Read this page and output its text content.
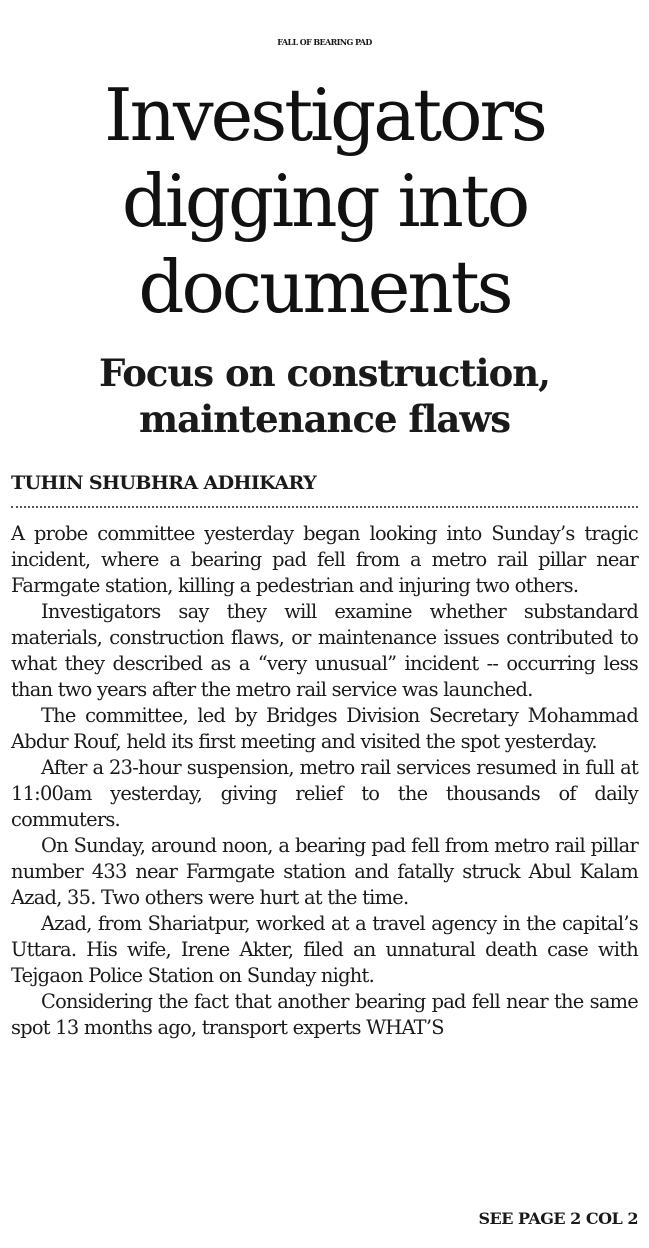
FALL OF BEARING PAD
Investigators
digging into
documents
Focus on construction,
maintenance flaws
TUHIN SHUBHRA ADHIKARY

A probe committee yesterday began looking into Sunday’s tragic incident, where a bearing pad fell from a metro rail pillar near Farmgate station, killing a pedestrian and injuring two others.

Investigators say they will examine whether substandard materials, construction flaws, or maintenance issues contributed to what they described as a “very unusual” incident -- occurring less than two years after the metro rail service was launched.

The committee, led by Bridges Division Secretary Mohammad Abdur Rouf, held its first meeting and visited the spot yesterday.

After a 23-hour suspension, metro rail services resumed in full at 11:00am yesterday, giving relief to the thousands of daily commuters.

On Sunday, around noon, a bearing pad fell from metro rail pillar number 433 near Farmgate station and fatally struck Abul Kalam Azad, 35. Two others were hurt at the time.

Azad, from Shariatpur, worked at a travel agency in the capital’s Uttara. His wife, Irene Akter, filed an unnatural death case with Tejgaon Police Station on Sunday night.

Considering the fact that another bearing pad fell near the same spot 13 months ago, transport experts WHAT’S

SEE PAGE 2 COL 2
